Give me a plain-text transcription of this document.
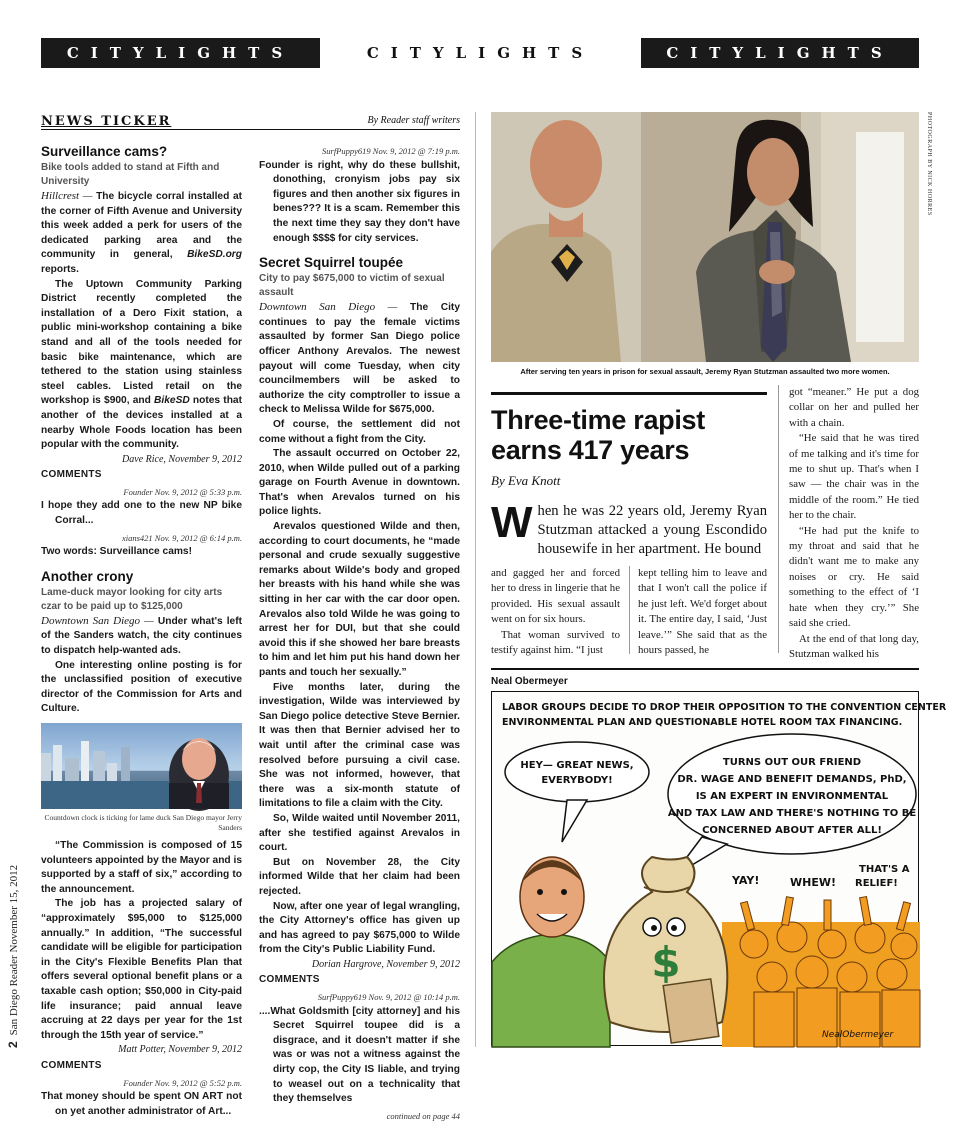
CITYLIGHTS	CITYLIGHTS	CITYLIGHTS
2San Diego Reader November 15, 2012
PHOTOGRAPH BY NICK HORRES
NEWS TICKER	By Reader staff writers
Surveillance cams?
Bike tools added to stand at Fifth and University

Hillcrest — The bicycle corral installed at the corner of Fifth Avenue and University this week added a perk for users of the dedicated parking area and the community in general, BikeSD.org reports.

The Uptown Community Parking District recently completed the installation of a Dero Fixit station, a public mini-workshop containing a bike stand and all of the tools needed for basic bike maintenance, which are tethered to the station using stainless steel cables. Listed retail on the workshop is $900, and BikeSD notes that another of the devices installed at a nearby Whole Foods location has been popular with the community.

Dave Rice, November 9, 2012
COMMENTS
Founder Nov. 9, 2012 @ 5:33 p.m.
I hope they add one to the new NP bike Corral...
xians421 Nov. 9, 2012 @ 6:14 p.m.
Two words: Surveillance cams!
Another crony
Lame-duck mayor looking for city arts czar to be paid up to $125,000

Downtown San Diego — Under what's left of the Sanders watch, the city continues to dispatch help-wanted ads.

One interesting online posting is for the unclassified position of executive director of the Commission for Arts and Culture.

Countdown clock is ticking for lame duck San Diego mayor Jerry Sanders

“The Commission is composed of 15 volunteers appointed by the Mayor and is supported by a staff of six,” according to the announcement.

The job has a projected salary of “approximately $95,000 to $125,000 annually.” In addition, “The successful candidate will be eligible for participation in the City's Flexible Benefits Plan that offers several optional benefit plans or a taxable cash option; $50,000 in City-paid life insurance; paid annual leave accruing at 22 days per year for the 1st through the 15th year of service.”

Matt Potter, November 9, 2012
COMMENTS
Founder Nov. 9, 2012 @ 5:52 p.m.
That money should be spent ON ART not on yet another administrator of Art...
SurfPuppy619 Nov. 9, 2012 @ 7:19 p.m.
Founder is right, why do these bullshit, donothing, cronyism jobs pay six figures and then another six figures in benes??? It is a scam. Remember this the next time they say they don't have enough $$$$ for city services.
Secret Squirrel toupée
City to pay $675,000 to victim of sexual assault

Downtown San Diego — The City continues to pay the female victims assaulted by former San Diego police officer Anthony Arevalos. The newest payout will come Tuesday, when city councilmembers will be asked to authorize the city comptroller to issue a check to Melissa Wilde for $675,000.

Of course, the settlement did not come without a fight from the City.

The assault occurred on October 22, 2010, when Wilde pulled out of a parking garage on Fourth Avenue in downtown. That's when Arevalos turned on his police lights.

Arevalos questioned Wilde and then, according to court documents, he “made personal and crude sexually suggestive remarks about Wilde's body and groped her breasts with his hand while she was sitting in her car with the car door open. Arevalos also told Wilde he was going to arrest her for DUI, but that she could avoid this if she showed her bare breasts to him and let him put his hand down her pants and touch her sexually.”

Five months later, during the investigation, Wilde was interviewed by San Diego police detective Steve Bernier. It was then that Bernier advised her to wait until after the criminal case was resolved before pursuing a civil case. She was not informed, however, that there was a six-month statute of limitations to file a claim with the City.

So, Wilde waited until November 2011, after she testified against Arevalos in court.

But on November 28, the City informed Wilde that her claim had been rejected.

Now, after one year of legal wrangling, the City Attorney's office has given up and has agreed to pay $675,000 to Wilde from the City's Public Liability Fund.

Dorian Hargrove, November 9, 2012
COMMENTS
SurfPuppy619 Nov. 9, 2012 @ 10:14 p.m.
....What Goldsmith [city attorney] and his Secret Squirrel toupee did is a disgrace, and it doesn't matter if she was or was not a witness against the dirty cop, the City IS liable, and trying to weasel out on a technicality that they themselves
continued on page 44
After serving ten years in prison for sexual assault, Jeremy Ryan Stutzman assaulted two more women.
Three-time rapist earns 417 years
By Eva Knott
When he was 22 years old, Jeremy Ryan Stutzman attacked a young Escondido housewife in her apartment. He bound

and gagged her and forced her to dress in lingerie that he provided. His sexual assault went on for six hours.

That woman survived to testify against him. “I just

kept telling him to leave and that I won't call the police if he just left. We'd forget about it. The entire day, I said, ‘Just leave.’” She said that as the hours passed, he

got “meaner.” He put a dog collar on her and pulled her with a chain.

“He said that he was tired of me talking and it's time for me to shut up. That's when I saw — the chair was in the middle of the room.” He tied her to the chair.

“He had put the knife to my throat and said that he didn't want me to make any noises or cry. He said something to the effect of ‘I hate when they cry.’” She said she cried.

At the end of that long day, Stutzman walked his

Neal Obermeyer
LABOR GROUPS DECIDE TO DROP THEIR OPPOSITION TO THE CONVENTION CENTER
ENVIRONMENTAL PLAN AND QUESTIONABLE HOTEL ROOM TAX FINANCING.
HEY— GREAT NEWS,
EVERYBODY!
TURNS OUT OUR FRIEND
DR. WAGE AND BENEFIT DEMANDS, PhD,
IS AN EXPERT IN ENVIRONMENTAL
AND TAX LAW AND THERE'S NOTHING TO BE
CONCERNED ABOUT AFTER ALL!
YAY!	WHEW!
THAT'S A
RELIEF!
$
NealObermeyer
